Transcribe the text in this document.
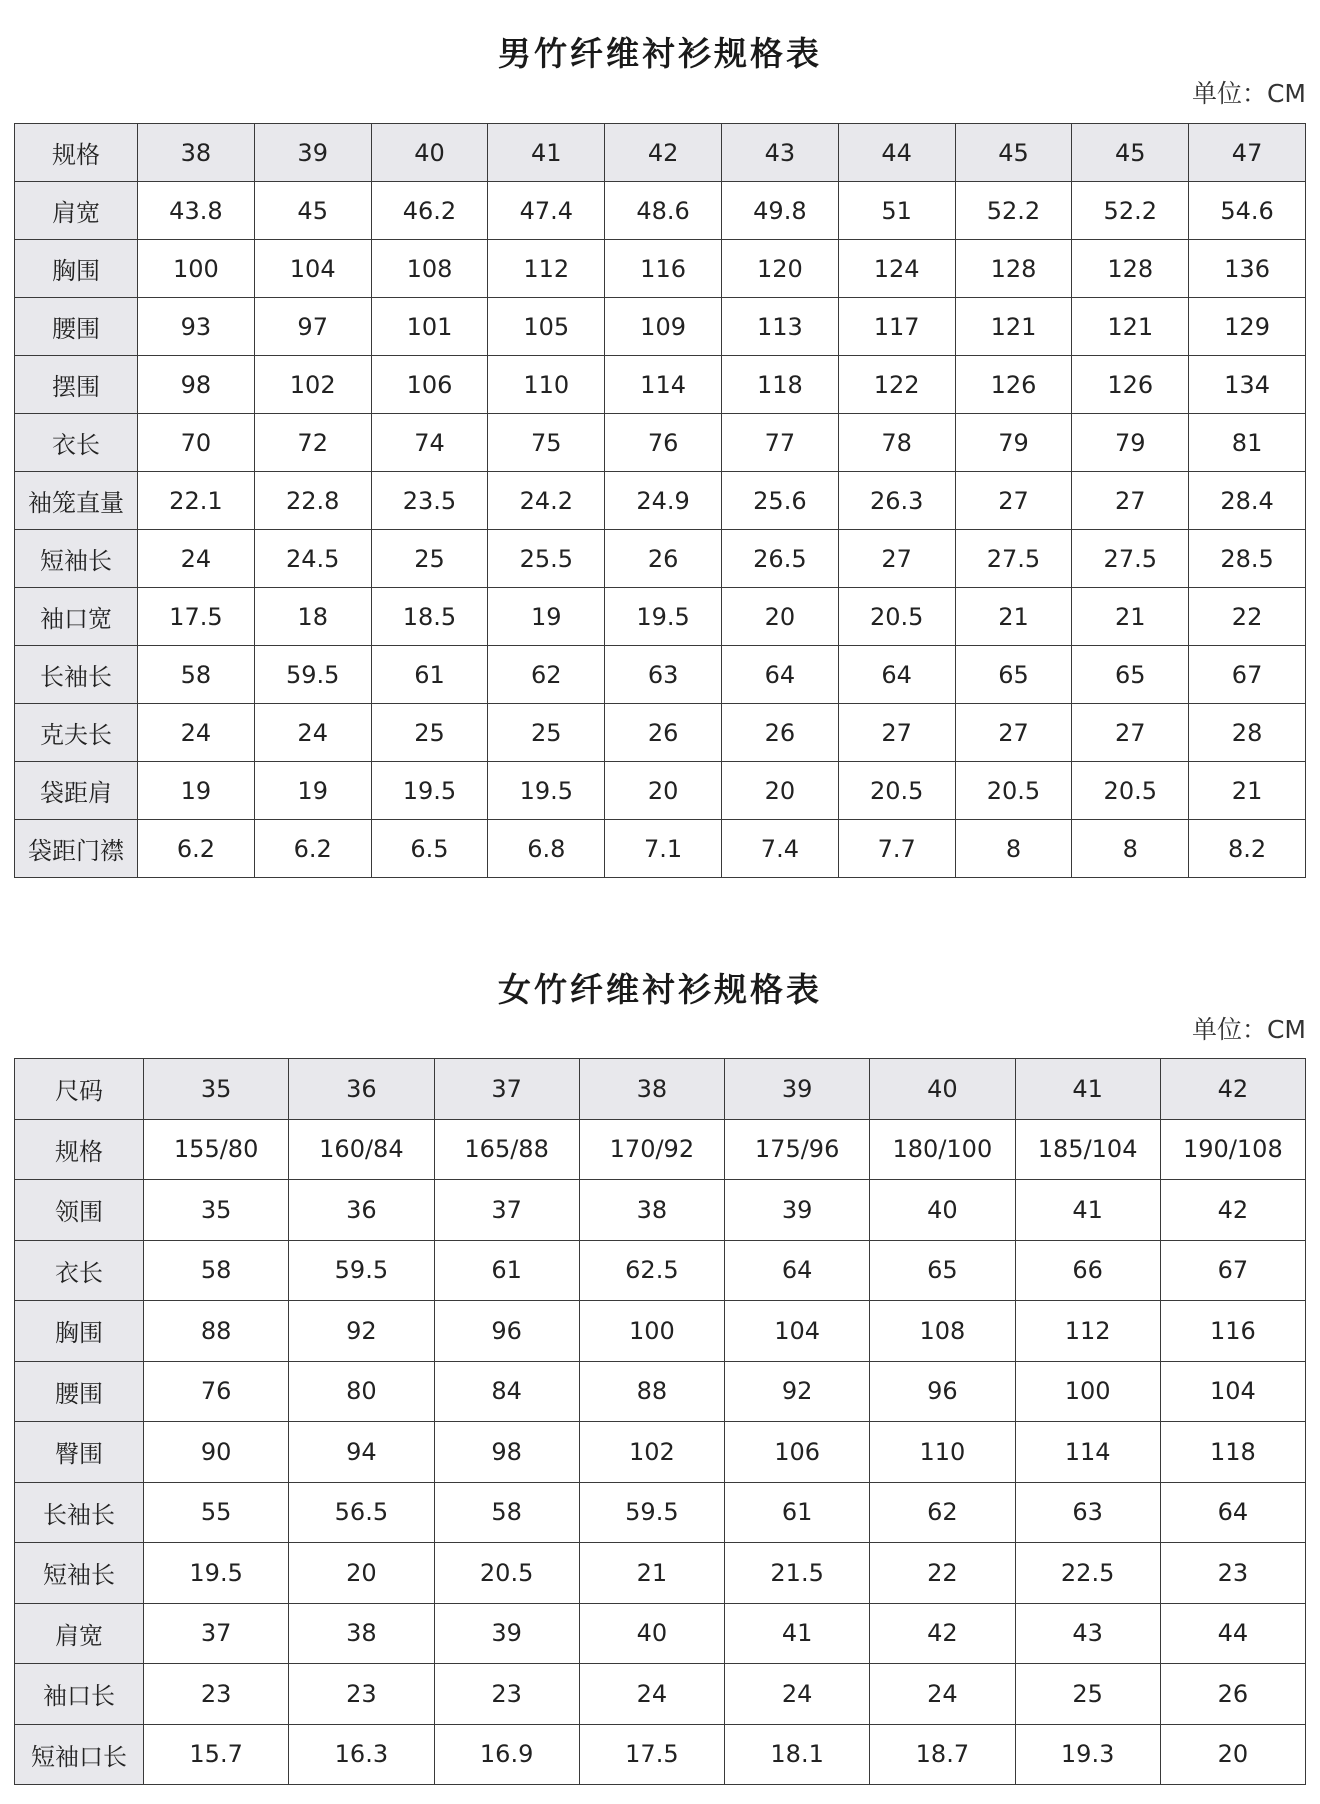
男竹纤维衬衫规格表
单位：CM
规格	38	39	40	41	42	43	44	45	45	47
肩宽	43.8	45	46.2	47.4	48.6	49.8	51	52.2	52.2	54.6
胸围	100	104	108	112	116	120	124	128	128	136
腰围	93	97	101	105	109	113	117	121	121	129
摆围	98	102	106	110	114	118	122	126	126	134
衣长	70	72	74	75	76	77	78	79	79	81
袖笼直量	22.1	22.8	23.5	24.2	24.9	25.6	26.3	27	27	28.4
短袖长	24	24.5	25	25.5	26	26.5	27	27.5	27.5	28.5
袖口宽	17.5	18	18.5	19	19.5	20	20.5	21	21	22
长袖长	58	59.5	61	62	63	64	64	65	65	67
克夫长	24	24	25	25	26	26	27	27	27	28
袋距肩	19	19	19.5	19.5	20	20	20.5	20.5	20.5	21
袋距门襟	6.2	6.2	6.5	6.8	7.1	7.4	7.7	8	8	8.2
女竹纤维衬衫规格表
单位：CM
尺码	35	36	37	38	39	40	41	42
规格	155/80	160/84	165/88	170/92	175/96	180/100	185/104	190/108
领围	35	36	37	38	39	40	41	42
衣长	58	59.5	61	62.5	64	65	66	67
胸围	88	92	96	100	104	108	112	116
腰围	76	80	84	88	92	96	100	104
臀围	90	94	98	102	106	110	114	118
长袖长	55	56.5	58	59.5	61	62	63	64
短袖长	19.5	20	20.5	21	21.5	22	22.5	23
肩宽	37	38	39	40	41	42	43	44
袖口长	23	23	23	24	24	24	25	26
短袖口长	15.7	16.3	16.9	17.5	18.1	18.7	19.3	20
